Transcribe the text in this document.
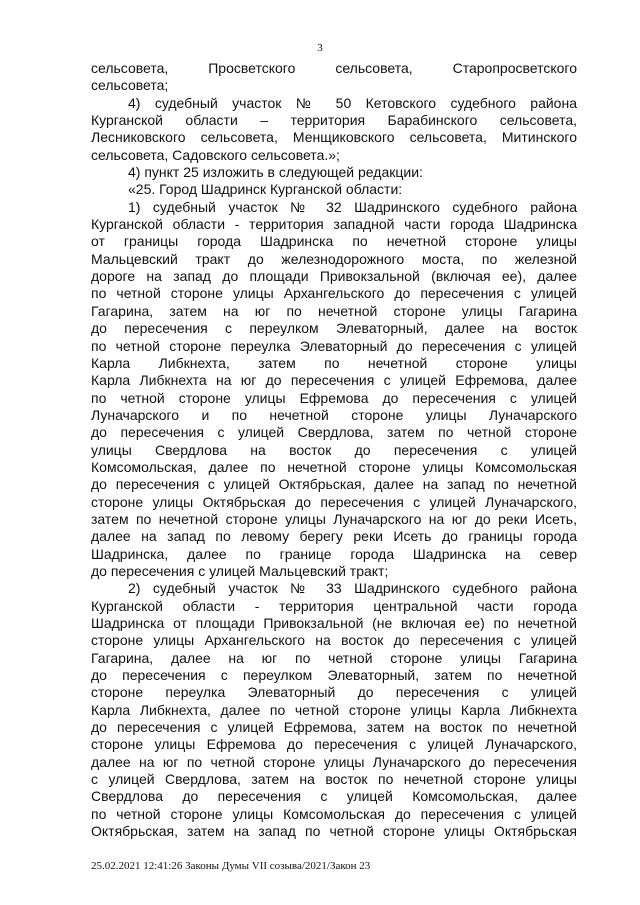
3
сельсовета, Просветского сельсовета, Старопросветского
сельсовета;
4) судебный участок № 50 Кетовского судебного района
Курганской области – территория Барабинского сельсовета,
Лесниковского сельсовета, Менщиковского сельсовета, Митинского
сельсовета, Садовского сельсовета.»;
4) пункт 25 изложить в следующей редакции:
«25. Город Шадринск Курганской области:
1) судебный участок № 32 Шадринского судебного района
Курганской области - территория западной части города Шадринска
от границы города Шадринска по нечетной стороне улицы
Мальцевский тракт до железнодорожного моста, по железной
дороге на запад до площади Привокзальной (включая ее), далее
по четной стороне улицы Архангельского до пересечения с улицей
Гагарина, затем на юг по нечетной стороне улицы Гагарина
до пересечения с переулком Элеваторный, далее на восток
по четной стороне переулка Элеваторный до пересечения с улицей
Карла Либкнехта, затем по нечетной стороне улицы
Карла Либкнехта на юг до пересечения с улицей Ефремова, далее
по четной стороне улицы Ефремова до пересечения с улицей
Луначарского и по нечетной стороне улицы Луначарского
до пересечения с улицей Свердлова, затем по четной стороне
улицы Свердлова на восток до пересечения с улицей
Комсомольская, далее по нечетной стороне улицы Комсомольская
до пересечения с улицей Октябрьская, далее на запад по нечетной
стороне улицы Октябрьская до пересечения с улицей Луначарского,
затем по нечетной стороне улицы Луначарского на юг до реки Исеть,
далее на запад по левому берегу реки Исеть до границы города
Шадринска, далее по границе города Шадринска на север
до пересечения с улицей Мальцевский тракт;
2) судебный участок № 33 Шадринского судебного района
Курганской области - территория центральной части города
Шадринска от площади Привокзальной (не включая ее) по нечетной
стороне улицы Архангельского на восток до пересечения с улицей
Гагарина, далее на юг по четной стороне улицы Гагарина
до пересечения с переулком Элеваторный, затем по нечетной
стороне переулка Элеваторный до пересечения с улицей
Карла Либкнехта, далее по четной стороне улицы Карла Либкнехта
до пересечения с улицей Ефремова, затем на восток по нечетной
стороне улицы Ефремова до пересечения с улицей Луначарского,
далее на юг по четной стороне улицы Луначарского до пересечения
с улицей Свердлова, затем на восток по нечетной стороне улицы
Свердлова до пересечения с улицей Комсомольская, далее
по четной стороне улицы Комсомольская до пересечения с улицей
Октябрьская, затем на запад по четной стороне улицы Октябрьская
25.02.2021 12:41:26 Законы Думы VII созыва/2021/Закон 23
